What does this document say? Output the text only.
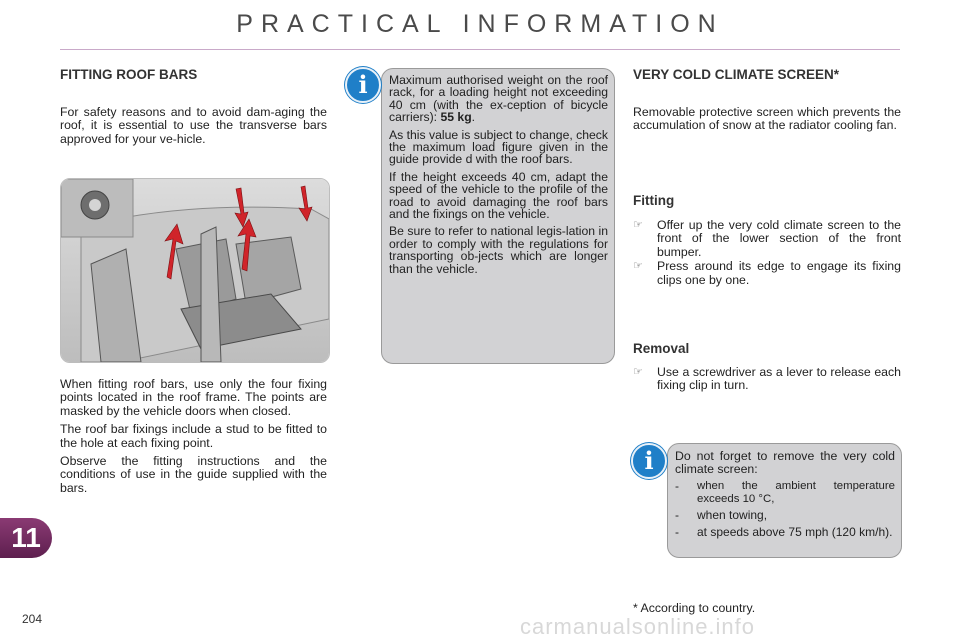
PRACTICAL INFORMATION
FITTING ROOF BARS

For safety reasons and to avoid dam-aging the roof, it is essential to use the transverse bars approved for your ve-hicle.

When fitting roof bars, use only the four fixing points located in the roof frame. The points are masked by the vehicle doors when closed.

The roof bar fixings include a stud to be fitted to the hole at each fixing point.

Observe the fitting instructions and the conditions of use in the guide supplied with the bars.

Maximum authorised weight on the roof rack, for a loading height not exceeding 40 cm (with the ex-ception of bicycle carriers): 55 kg.

As this value is subject to change, check the maximum load figure given in the guide provide d with the roof bars.

If the height exceeds 40 cm, adapt the speed of the vehicle to the profile of the road to avoid damaging the roof bars and the fixings on the vehicle.

Be sure to refer to national legis-lation in order to comply with the regulations for transporting ob-jects which are longer than the vehicle.

i	VERY COLD CLIMATE SCREEN*

Removable protective screen which prevents the accumulation of snow at the radiator cooling fan.

Fitting
☞	Offer up the very cold climate screen to the front of the lower section of the front bumper.
☞	Press around its edge to engage its fixing clips one by one.
Removal
☞	Use a screwdriver as a lever to release each fixing clip in turn.

Do not forget to remove the very cold climate screen:

-	when the ambient temperature exceeds 10 °C,
-	when towing,
-	at speeds above 75 mph (120 km/h).
i
* According to country.
11
204	carmanualsonline.info
